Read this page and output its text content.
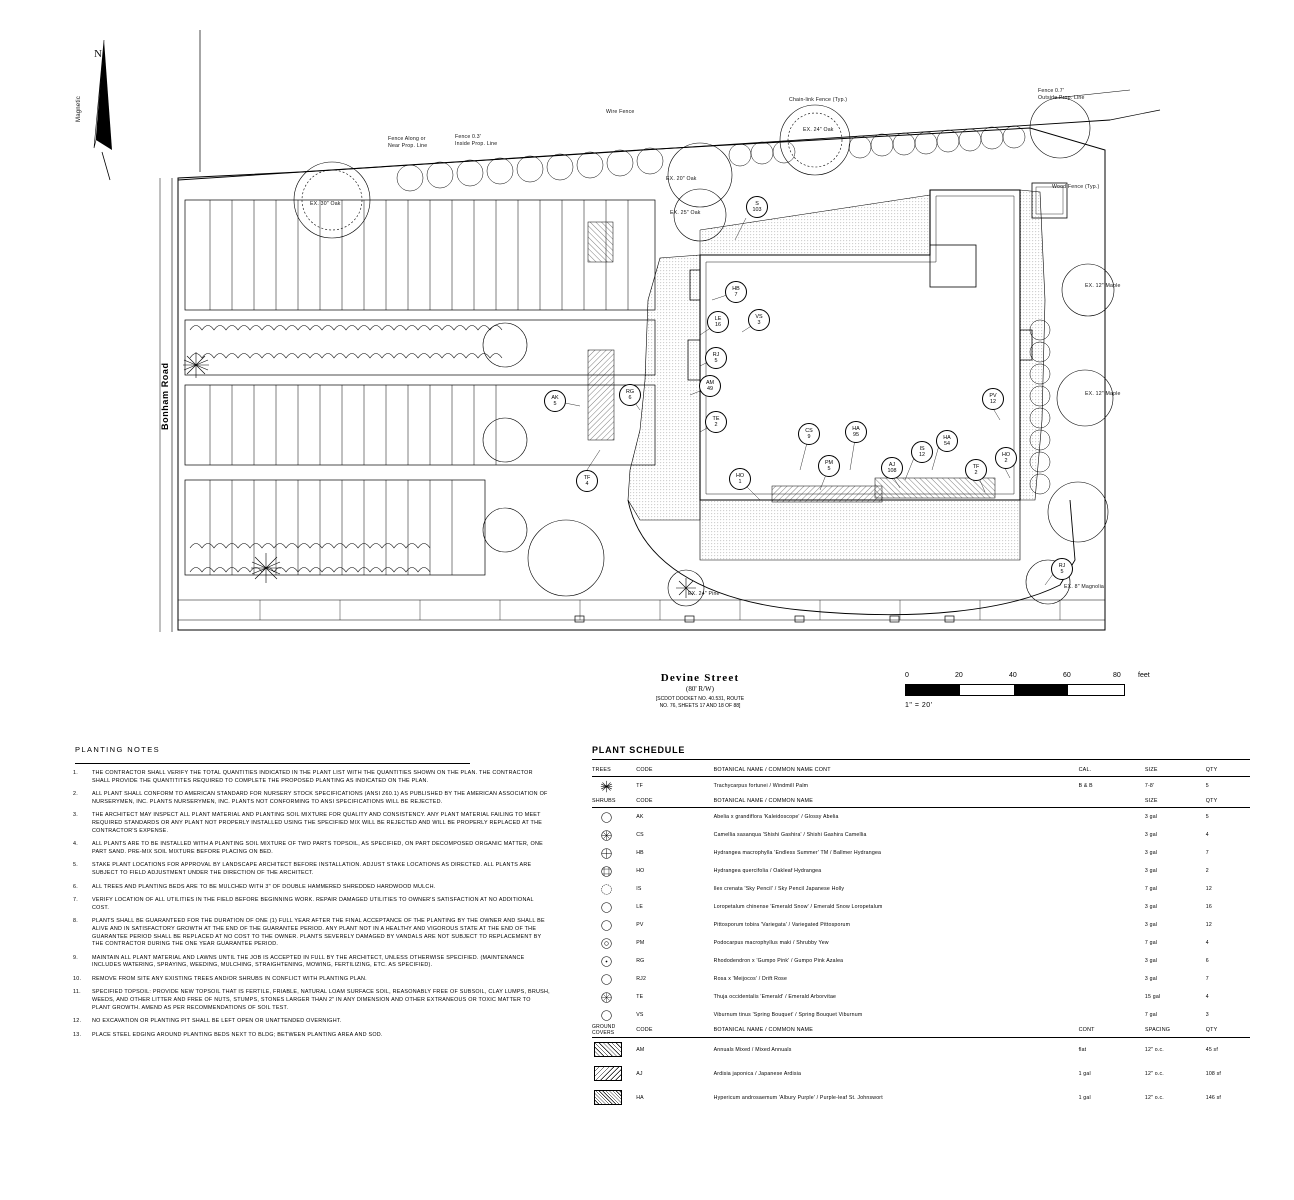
N
Magnetic
Bonham Road
Fence Along or
Near Prop. Line
Fence 0.3'
Inside Prop. Line
Wire Fence
Chain-link Fence (Typ.)
Fence 0.7'
Outside Prop. Line
Wood Fence (Typ.)
EX. 30" Oak
EX. 20" Oak
EX. 25" Oak
EX. 24" Oak
EX. 12" Maple
EX. 12" Maple
EX. 8" Magnolia
EX. 24" Pine
S
103
HB
7
LE
16
VS
3
RJ
5
AM
49
TE
2
AK
5
RG
6
TF
4
CS
9
HA
95
IS
12
HA
54
PM
5
AJ
108
HO
1
TF
2
HO
2
PV
12
RJ
5
Devine Street
(80' R/W)
[SCDOT DOCKET NO. 40.531, ROUTE
NO. 76, SHEETS 17 AND 18 OF 88]
0	20	40	60	80 feet
1" = 20'
PLANTING NOTES
1.	THE CONTRACTOR SHALL VERIFY THE TOTAL QUANTITIES INDICATED IN THE PLANT LIST WITH THE QUANTITIES SHOWN ON THE PLAN. THE CONTRACTOR SHALL PROVIDE THE QUANTITITES REQUIRED TO COMPLETE THE PROPOSED PLANTING AS INDICATED ON THE PLAN.
2.	ALL PLANT SHALL CONFORM TO AMERICAN STANDARD FOR NURSERY STOCK SPECIFICATIONS (ANSI Z60.1) AS PUBLISHED BY THE AMERICAN ASSOCIATION OF NURSERYMEN, INC. PLANTS NURSERYMEN, INC. PLANTS NOT CONFORMING TO ANSI SPECIFICATIONS WILL BE REJECTED.
3.	THE ARCHITECT MAY INSPECT ALL PLANT MATERIAL AND PLANTING SOIL MIXTURE FOR QUALITY AND CONSISTENCY. ANY PLANT MATERIAL FAILING TO MEET REQUIRED STANDARDS OR ANY PLANT NOT PROPERLY INSTALLED USING THE SPECIFIED MIX WILL BE REJECTED AND WILL BE PROPERLY REPLACED AT THE CONTRACTOR'S EXPENSE.
4.	ALL PLANTS ARE TO BE INSTALLED WITH A PLANTING SOIL MIXTURE OF TWO PARTS TOPSOIL, AS SPECIFIED, ON PART DECOMPOSED ORGANIC MATTER, ONE PART SAND. PRE-MIX SOIL MIXTURE BEFORE PLACING ON BED.
5.	STAKE PLANT LOCATIONS FOR APPROVAL BY LANDSCAPE ARCHITECT BEFORE INSTALLATION. ADJUST STAKE LOCATIONS AS DIRECTED. ALL PLANTS ARE SUBJECT TO FIELD ADJUSTMENT UNDER THE DIRECTION OF THE ARCHITECT.
6.	ALL TREES AND PLANTING BEDS ARE TO BE MULCHED WITH 3" OF DOUBLE HAMMERED SHREDDED HARDWOOD MULCH.
7.	VERIFY LOCATION OF ALL UTILITIES IN THE FIELD BEFORE BEGINNING WORK. REPAIR DAMAGED UTILITIES TO OWNER'S SATISFACTION AT NO ADDITIONAL COST.
8.	PLANTS SHALL BE GUARANTEED FOR THE DURATION OF ONE (1) FULL YEAR AFTER THE FINAL ACCEPTANCE OF THE PLANTING BY THE OWNER AND SHALL BE ALIVE AND IN SATISFACTORY GROWTH AT THE END OF THE GUARANTEE PERIOD. ANY PLANT NOT IN A HEALTHY AND VIGOROUS STATE AT THE END OF THE GUARANTEE PERIOD SHALL BE REPLACED AT NO COST TO THE OWNER. PLANTS SEVERELY DAMAGED BY VANDALS ARE NOT SUBJECT TO REPLACEMENT BY THE CONTRACTOR DURING THE ONE YEAR GUARANTEE PERIOD.
9.	MAINTAIN ALL PLANT MATERIAL AND LAWNS UNTIL THE JOB IS ACCEPTED IN FULL BY THE ARCHITECT, UNLESS OTHERWISE SPECIFIED. (MAINTENANCE INCLUDES WATERING, SPRAYING, WEEDING, MULCHING, STRAIGHTENING, MOWING, FERTILIZING, ETC. AS SPECIFIED).
10. REMOVE FROM SITE ANY EXISTING TREES AND/OR SHRUBS IN CONFLICT WITH PLANTING PLAN.
11. SPECIFIED TOPSOIL: PROVIDE NEW TOPSOIL THAT IS FERTILE, FRIABLE, NATURAL LOAM SURFACE SOIL, REASONABLY FREE OF SUBSOIL, CLAY LUMPS, BRUSH, WEEDS, AND OTHER LITTER AND FREE OF NUTS, STUMPS, STONES LARGER THAN 2" IN ANY DIMENSION AND OTHER EXTRANEOUS OR TOXIC MATTER TO PLANT GROWTH. AMEND AS PER RECOMMENDATIONS OF SOIL TEST.
12. NO EXCAVATION OR PLANTING PIT SHALL BE LEFT OPEN OR UNATTENDED OVERNIGHT.
13. PLACE STEEL EDGING AROUND PLANTING BEDS NEXT TO BLDG; BETWEEN PLANTING AREA AND SOD.
PLANT SCHEDULE
TREES	CODE	BOTANICAL NAME / COMMON NAME CONT	CAL.	SIZE	QTY

	TF	Trachycarpus fortunei / Windmill Palm	B & B	7-8'	5
SHRUBS	CODE	BOTANICAL NAME / COMMON NAME		SIZE	QTY

	AK	Abelia x grandiflora 'Kaleidoscope' / Glossy Abelia		3 gal	5

	CS	Camellia sasanqua 'Shishi Gashira' / Shishi Gashira Camellia		3 gal	4

	HB	Hydrangea macrophylla 'Endless Summer' TM / Ballmer Hydrangea		3 gal	7

	HO	Hydrangea quercifolia / Oakleaf Hydrangea		3 gal	2

	IS	Ilex crenata 'Sky Pencil' / Sky Pencil Japanese Holly		7 gal	12

	LE	Loropetalum chinense 'Emerald Snow' / Emerald Snow Loropetalum		3 gal	16

	PV	Pittosporum tobira 'Variegata' / Variegated Pittosporum		3 gal	12

	PM	Podocarpus macrophyllus maki / Shrubby Yew		7 gal	4

	RG	Rhododendron x 'Gumpo Pink' / Gumpo Pink Azalea		3 gal	6

	RJ2	Rosa x 'Meijocos' / Drift Rose		3 gal	7

	TE	Thuja occidentalis 'Emerald' / Emerald Arborvitae		15 gal	4

	VS	Viburnum tinus 'Spring Bouquet' / Spring Bouquet Viburnum		7 gal	3
GROUND COVERS	CODE	BOTANICAL NAME / COMMON NAME	CONT	SPACING	QTY

	AM	Annuals Mixed / Mixed Annuals	flat	12" o.c.	45 sf

	AJ	Ardisia japonica / Japanese Ardisia	1 gal	12" o.c.	108 sf

	HA	Hypericum androsaemum 'Albury Purple' / Purple-leaf St. Johnswort	1 gal	12" o.c.	146 sf
